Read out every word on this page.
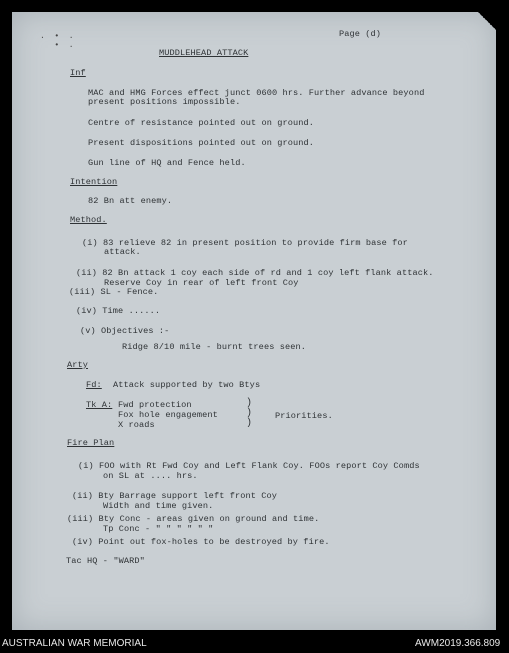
.  •  .
•  .
Page (d)
MUDDLEHEAD ATTACK
Inf
MAC and HMG Forces effect junct 0600 hrs. Further advance beyond
present positions impossible.
Centre of resistance pointed out on ground.
Present dispositions pointed out on ground.
Gun line of HQ and Fence held.
Intention
82 Bn att enemy.
Method.
(i) 83 relieve 82 in present position to provide firm base for
attack.
(ii) 82 Bn attack 1 coy each side of rd and 1 coy left flank attack.
Reserve Coy in rear of left front Coy
(iii) SL - Fence.
(iv) Time ......
(v) Objectives :-
Ridge 8/10 mile - burnt trees seen.
Arty
Fd: Attack supported by two Btys
Tk A: Fwd protection
Fox hole engagement
X roads
)
)
)
Priorities.
Fire Plan
(i) FOO with Rt Fwd Coy and Left Flank Coy. FOOs report Coy Comds
on SL at .... hrs.
(ii) Bty Barrage support left front Coy
Width and time given.
(iii) Bty Conc - areas given on ground and time.
Tp Conc - " " " " " "
(iv) Point out fox-holes to be destroyed by fire.
Tac HQ - "WARD"
AUSTRALIAN WAR MEMORIAL	AWM2019.366.809
